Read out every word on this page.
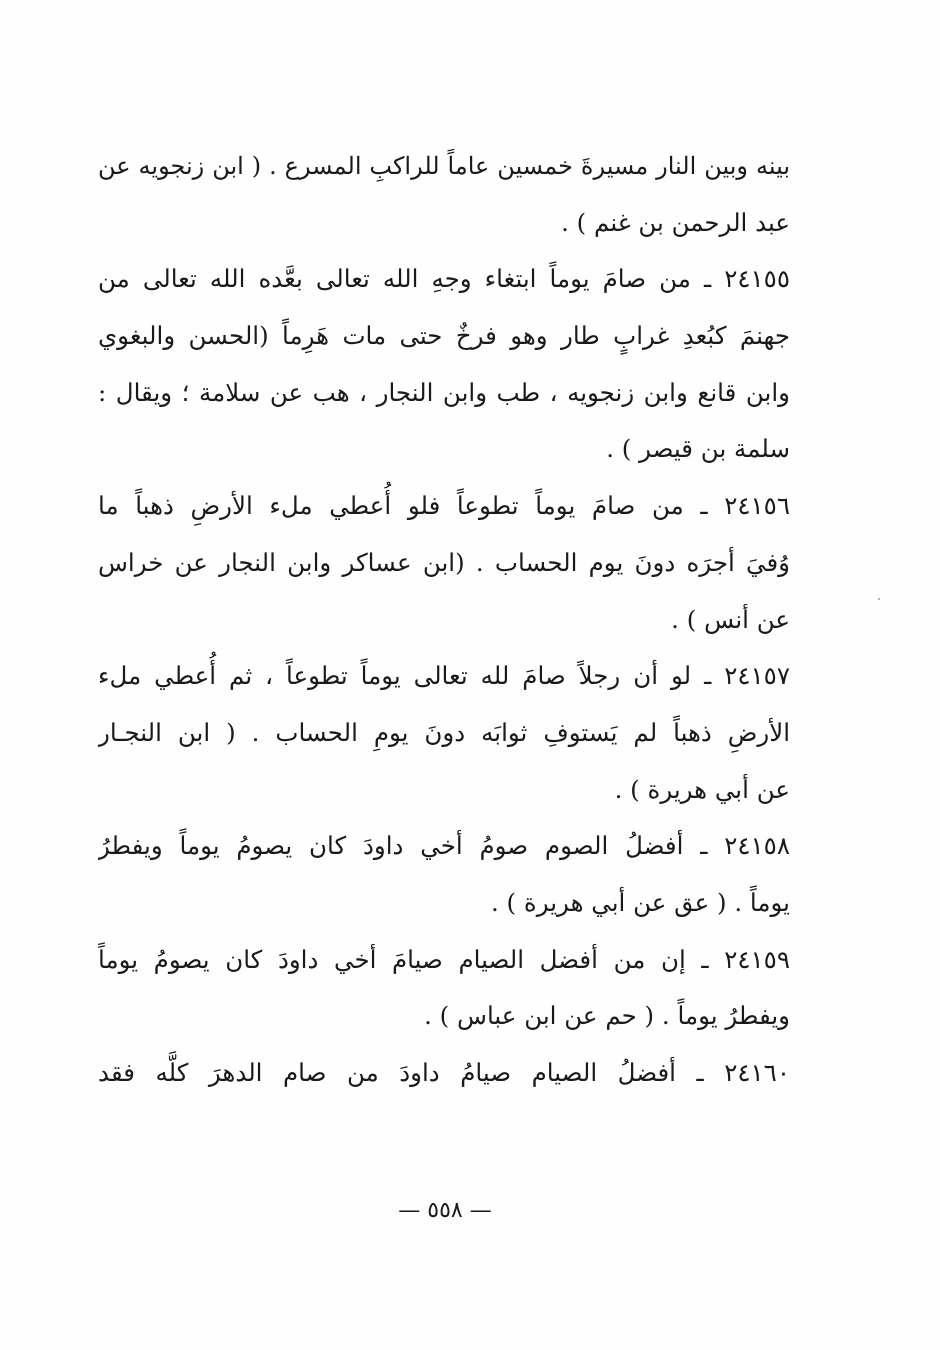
بينه وبين النار مسيرةَ خمسين عاماً للراكبِ المسرع . ( ابن زنجويه عن
عبد الرحمن بن غنم ) .
٢٤١٥٥ ـ من صامَ يوماً ابتغاء وجهِ الله تعالى بعَّده الله تعالى من
جهنمَ كبُعدِ غرابٍ طار وهو فرخٌ حتى مات هَرِماً (الحسن والبغوي
وابن قانع وابن زنجويه ، طب وابن النجار ، هب عن سلامة ؛ ويقال :
سلمة بن قيصر ) .
٢٤١٥٦ ـ من صامَ يوماً تطوعاً فلو أُعطي ملء الأرضِ ذهباً ما
وُفيَ أجرَه دونَ يوم الحساب . (ابن عساكر وابن النجار عن خراس
عن أنس ) .
٢٤١٥٧ ـ لو أن رجلاً صامَ لله تعالى يوماً تطوعاً ، ثم أُعطي ملء
الأرضِ ذهباً لم يَستوفِ ثوابَه دونَ يومِ الحساب . ( ابن النجـار
عن أبي هريرة ) .
٢٤١٥٨ ـ أفضلُ الصوم صومُ أخي داودَ كان يصومُ يوماً ويفطرُ
يوماً . ( عق عن أبي هريرة ) .
٢٤١٥٩ ـ إن من أفضل الصيام صيامَ أخي داودَ كان يصومُ يوماً
ويفطرُ يوماً . ( حم عن ابن عباس ) .
٢٤١٦٠ ـ أفضلُ الصيام صيامُ داودَ من صام الدهرَ كلَّه فقد
— ٥٥٨ —
